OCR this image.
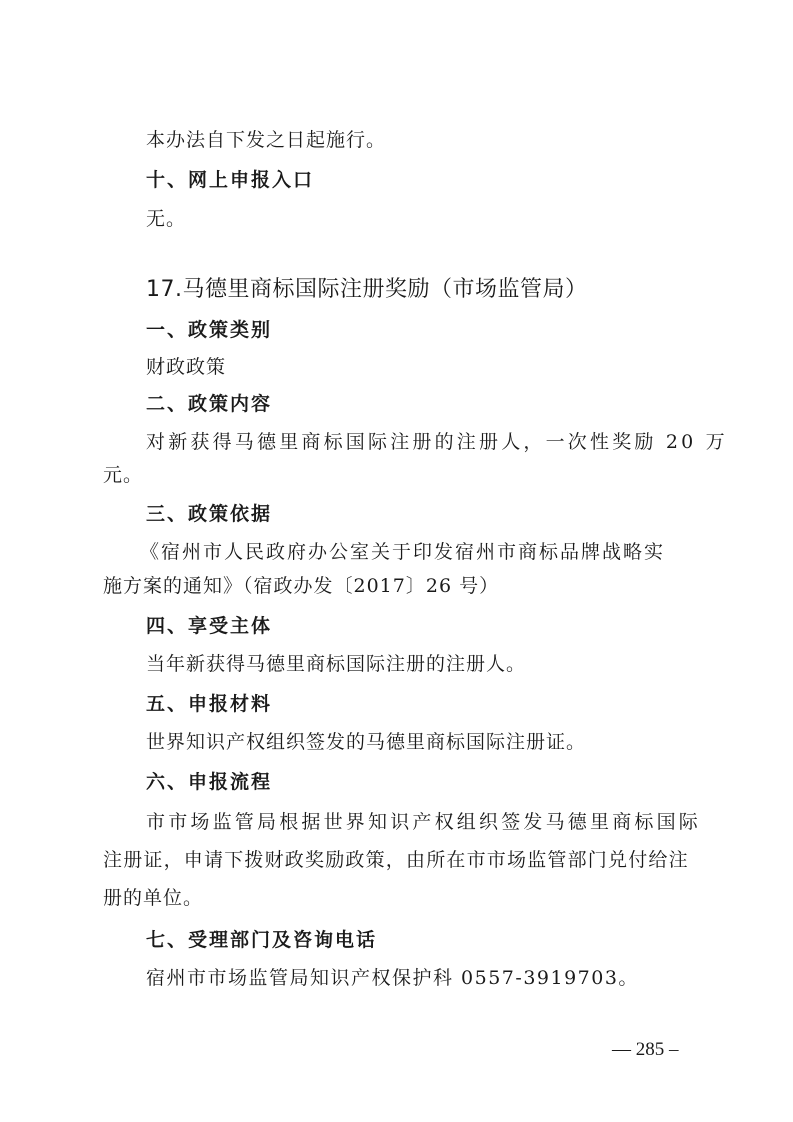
本办法自下发之日起施行。
十、网上申报入口
无。
17.马德里商标国际注册奖励（市场监管局）
一、政策类别
财政政策
二、政策内容
对新获得马德里商标国际注册的注册人，一次性奖励 20 万
元。
三、政策依据
《宿州市人民政府办公室关于印发宿州市商标品牌战略实
施方案的通知》（宿政办发〔2017〕26 号）
四、享受主体
当年新获得马德里商标国际注册的注册人。
五、申报材料
世界知识产权组织签发的马德里商标国际注册证。
六、申报流程
市市场监管局根据世界知识产权组织签发马德里商标国际
注册证，申请下拨财政奖励政策，由所在市市场监管部门兑付给注
册的单位。
七、受理部门及咨询电话
宿州市市场监管局知识产权保护科 0557-3919703。
— 285 –
